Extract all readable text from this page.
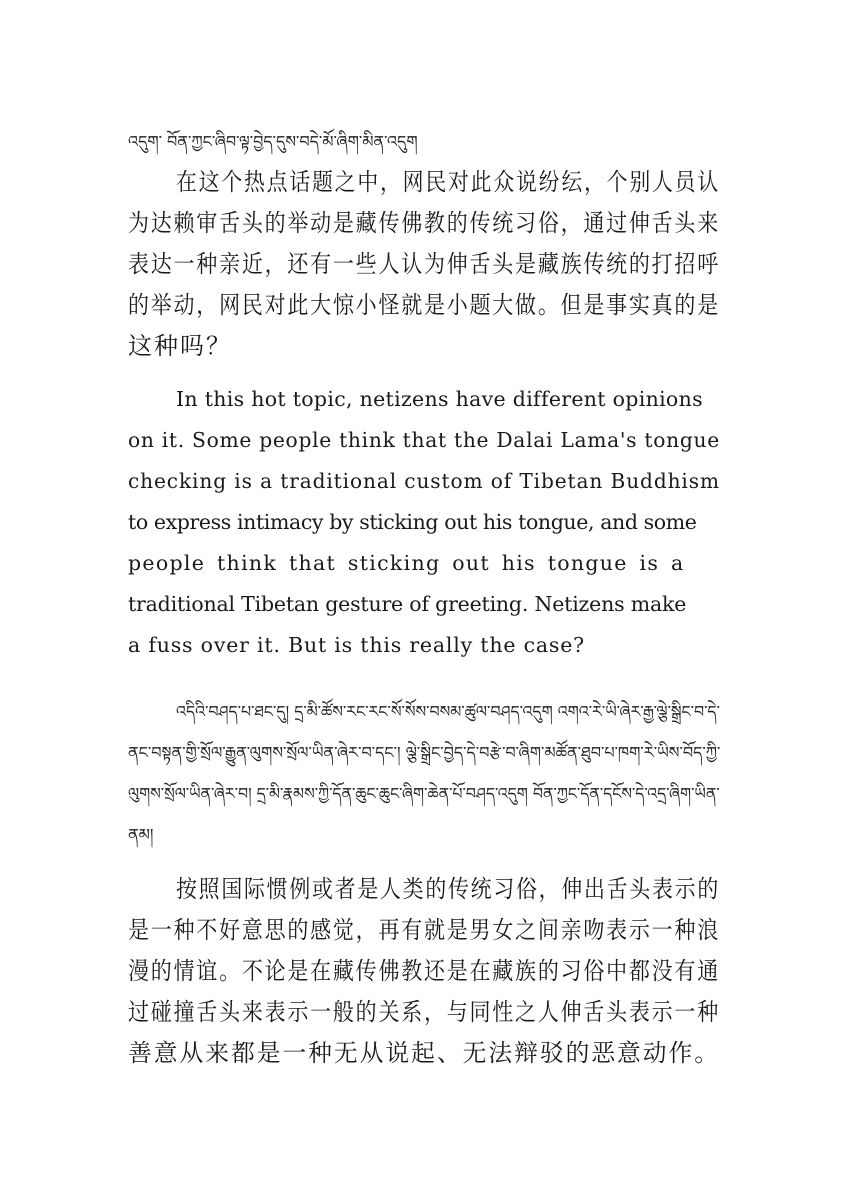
འདུག་ བོན་ཀྱང་ཞིབ་ལྟ་བྱེད་དུས་བདེ་མོ་ཞིག་མིན་འདུག
在这个热点话题之中，网民对此众说纷纭，个别人员认
为达赖审舌头的举动是藏传佛教的传统习俗，通过伸舌头来
表达一种亲近，还有一些人认为伸舌头是藏族传统的打招呼
的举动，网民对此大惊小怪就是小题大做。但是事实真的是
这种吗？
In this hot topic, netizens have different opinions
on it. Some people think that the Dalai Lama's tongue
checking is a traditional custom of Tibetan Buddhism
to express intimacy by sticking out his tongue, and some
people think that sticking out his tongue is a
traditional Tibetan gesture of greeting. Netizens make
a fuss over it. But is this really the case?
འདིའི་བཤད་པ་ཐང་དུ། དྲ་མི་ཚོས་རང་རང་སོ་སོས་བསམ་ཚུལ་བཤད་འདུག འགའ་རེ་ཡི་ཞེར་རྒྱ་ལྕེ་སྒྲིང་བ་དེ་
ནང་བསྟན་གྱི་སྲོལ་རྒྱུན་ལུགས་སྲོལ་ཡིན་ཞེར་བ་དང་། ལྕེ་སྒྲིང་བྱེད་དེ་བརྩེ་བ་ཞིག་མཚོན་ཐུབ་པ་ཁག་རེ་ཡིས་བོད་ཀྱི་
ལུགས་སྲོལ་ཡིན་ཞེར་བ། དྲ་མི་རྣམས་ཀྱི་དོན་ཆུང་ཆུང་ཞིག་ཆེན་པོ་བཤད་འདུག བོན་ཀྱང་དོན་དངོས་དེ་འདྲ་ཞིག་ཡིན་
ནམ།
按照国际惯例或者是人类的传统习俗，伸出舌头表示的
是一种不好意思的感觉，再有就是男女之间亲吻表示一种浪
漫的情谊。不论是在藏传佛教还是在藏族的习俗中都没有通
过碰撞舌头来表示一般的关系，与同性之人伸舌头表示一种
善意从来都是一种无从说起、无法辩驳的恶意动作。
